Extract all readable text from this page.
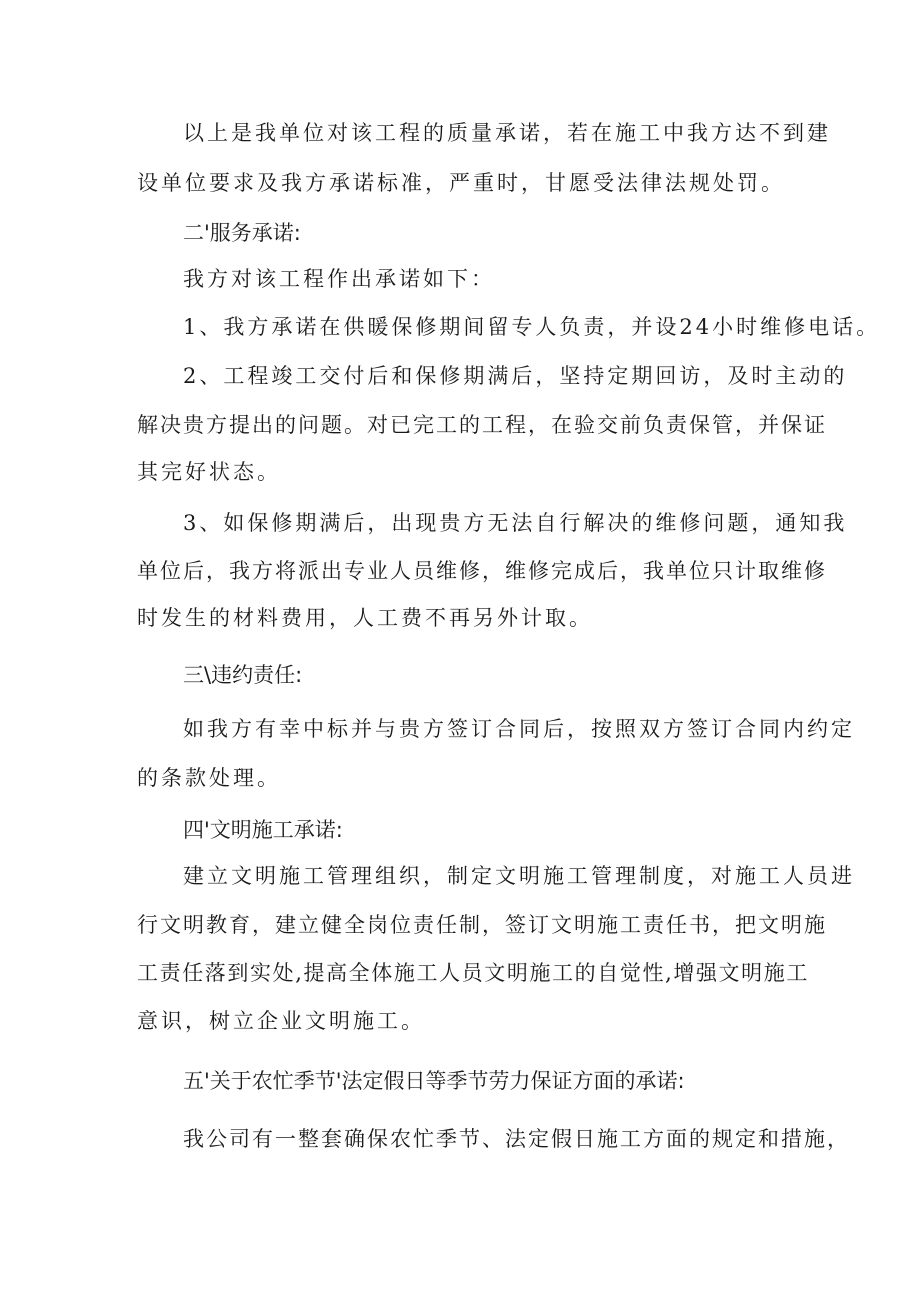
以上是我单位对该工程的质量承诺，若在施工中我方达不到建
设单位要求及我方承诺标准，严重时，甘愿受法律法规处罚。
二'服务承诺:
我方对该工程作出承诺如下：
1、我方承诺在供暖保修期间留专人负责，并设24小时维修电话。
2、工程竣工交付后和保修期满后，坚持定期回访，及时主动的
解决贵方提出的问题。对已完工的工程，在验交前负责保管，并保证
其完好状态。
3、如保修期满后，出现贵方无法自行解决的维修问题，通知我
单位后，我方将派出专业人员维修，维修完成后，我单位只计取维修
时发生的材料费用，人工费不再另外计取。
三\违约责任:
如我方有幸中标并与贵方签订合同后，按照双方签订合同内约定
的条款处理。
四'文明施工承诺:
建立文明施工管理组织，制定文明施工管理制度，对施工人员进
行文明教育，建立健全岗位责任制，签订文明施工责任书，把文明施
工责任落到实处,提高全体施工人员文明施工的自觉性,增强文明施工
意识，树立企业文明施工。
五'关于农忙季节'法定假日等季节劳力保证方面的承诺:
我公司有一整套确保农忙季节、法定假日施工方面的规定和措施，
